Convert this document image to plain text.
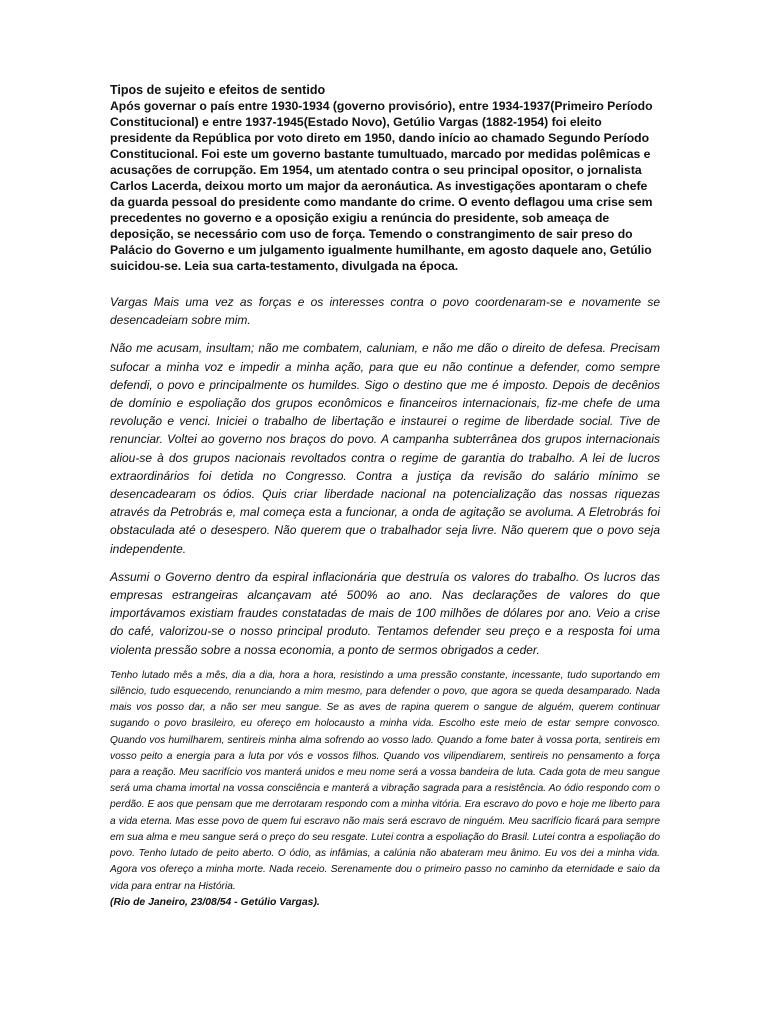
Tipos de sujeito e efeitos de sentido

Após governar o país entre 1930-1934 (governo provisório), entre 1934-1937(Primeiro Período Constitucional) e entre 1937-1945(Estado Novo), Getúlio Vargas (1882-1954) foi eleito presidente da República por voto direto em 1950, dando início ao chamado Segundo Período Constitucional. Foi este um governo bastante tumultuado, marcado por medidas polêmicas e acusações de corrupção. Em 1954, um atentado contra o seu principal opositor, o jornalista Carlos Lacerda, deixou morto um major da aeronáutica. As investigações apontaram o chefe da guarda pessoal do presidente como mandante do crime. O evento deflagou uma crise sem precedentes no governo e a oposição exigiu a renúncia do presidente, sob ameaça de deposição, se necessário com uso de força. Temendo o constrangimento de sair preso do Palácio do Governo e um julgamento igualmente humilhante, em agosto daquele ano, Getúlio suicidou-se. Leia sua carta-testamento, divulgada na época.

Vargas Mais uma vez as forças e os interesses contra o povo coordenaram-se e novamente se desencadeiam sobre mim.

Não me acusam, insultam; não me combatem, caluniam, e não me dão o direito de defesa. Precisam sufocar a minha voz e impedir a minha ação, para que eu não continue a defender, como sempre defendi, o povo e principalmente os humildes. Sigo o destino que me é imposto. Depois de decênios de domínio e espoliação dos grupos econômicos e financeiros internacionais, fiz-me chefe de uma revolução e venci. Iniciei o trabalho de libertação e instaurei o regime de liberdade social. Tive de renunciar. Voltei ao governo nos braços do povo. A campanha subterrânea dos grupos internacionais aliou-se à dos grupos nacionais revoltados contra o regime de garantia do trabalho. A lei de lucros extraordinários foi detida no Congresso. Contra a justiça da revisão do salário mínimo se desencadearam os ódios. Quis criar liberdade nacional na potencialização das nossas riquezas através da Petrobrás e, mal começa esta a funcionar, a onda de agitação se avoluma. A Eletrobrás foi obstaculada até o desespero. Não querem que o trabalhador seja livre. Não querem que o povo seja independente.

Assumi o Governo dentro da espiral inflacionária que destruía os valores do trabalho. Os lucros das empresas estrangeiras alcançavam até 500% ao ano. Nas declarações de valores do que importávamos existiam fraudes constatadas de mais de 100 milhões de dólares por ano. Veio a crise do café, valorizou-se o nosso principal produto. Tentamos defender seu preço e a resposta foi uma violenta pressão sobre a nossa economia, a ponto de sermos obrigados a ceder.

Tenho lutado mês a mês, dia a dia, hora a hora, resistindo a uma pressão constante, incessante, tudo suportando em silêncio, tudo esquecendo, renunciando a mim mesmo, para defender o povo, que agora se queda desamparado. Nada mais vos posso dar, a não ser meu sangue. Se as aves de rapina querem o sangue de alguém, querem continuar sugando o povo brasileiro, eu ofereço em holocausto a minha vida. Escolho este meio de estar sempre convosco. Quando vos humilharem, sentireis minha alma sofrendo ao vosso lado. Quando a fome bater à vossa porta, sentireis em vosso peito a energia para a luta por vós e vossos filhos. Quando vos vilipendiarem, sentireis no pensamento a força para a reação. Meu sacrifício vos manterá unidos e meu nome será a vossa bandeira de luta. Cada gota de meu sangue será uma chama imortal na vossa consciência e manterá a vibração sagrada para a resistência. Ao ódio respondo com o perdão. E aos que pensam que me derrotaram respondo com a minha vitória. Era escravo do povo e hoje me liberto para a vida eterna. Mas esse povo de quem fui escravo não mais será escravo de ninguém. Meu sacrifício ficará para sempre em sua alma e meu sangue será o preço do seu resgate. Lutei contra a espoliação do Brasil. Lutei contra a espoliação do povo. Tenho lutado de peito aberto. O ódio, as infâmias, a calúnia não abateram meu ânimo. Eu vos dei a minha vida. Agora vos ofereço a minha morte. Nada receio. Serenamente dou o primeiro passo no caminho da eternidade e saio da vida para entrar na História.

(Rio de Janeiro, 23/08/54 - Getúlio Vargas).
